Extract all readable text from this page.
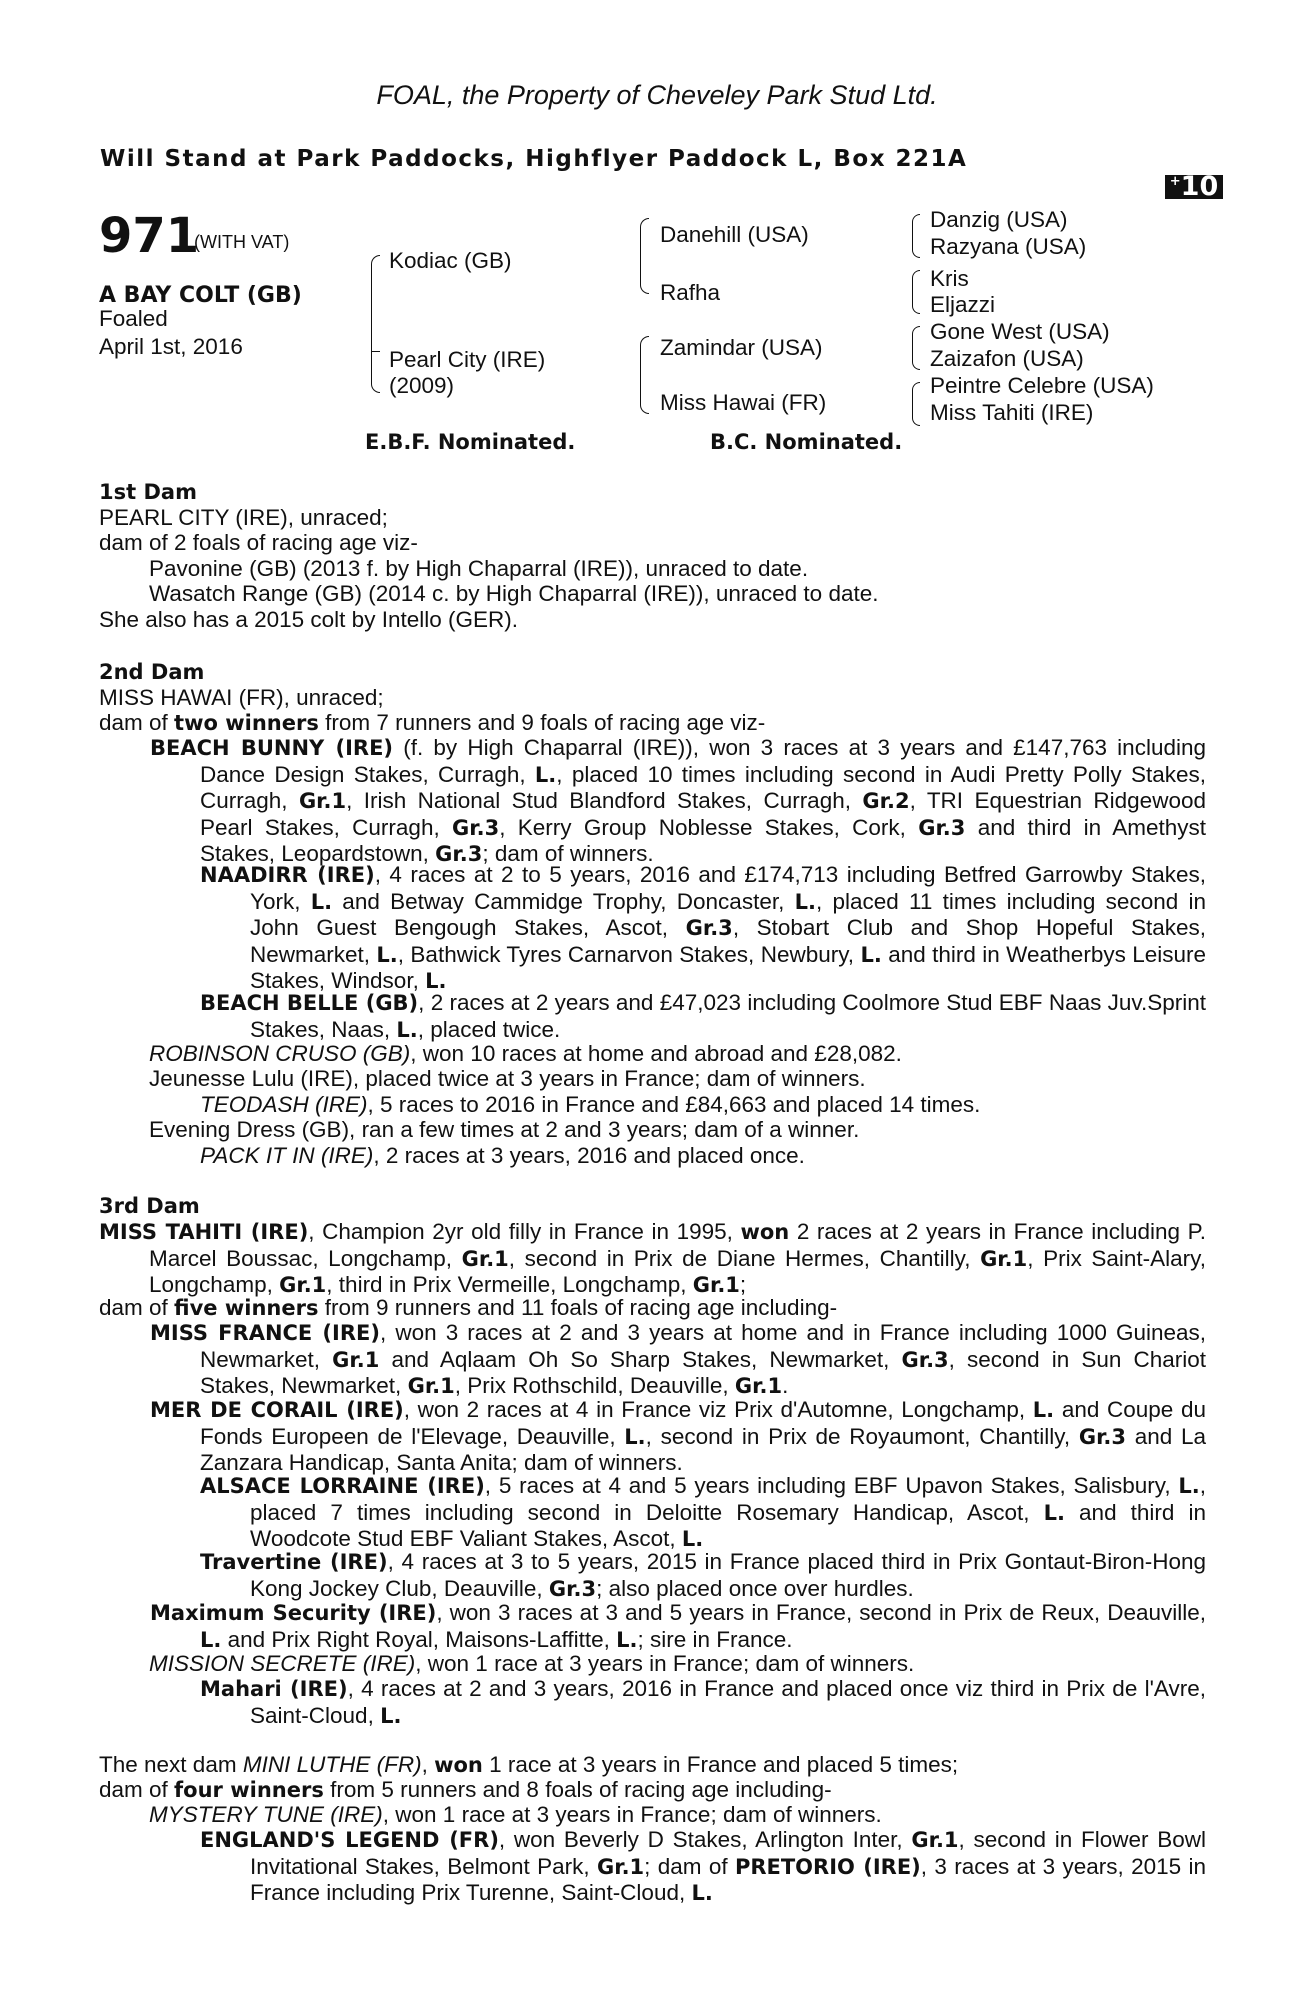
FOAL, the Property of Cheveley Park Stud Ltd.
Will Stand at Park Paddocks, Highflyer Paddock L, Box 221A
+10
971
(WITH VAT)
A BAY COLT (GB)
Foaled
April 1st, 2016
Kodiac (GB)
Pearl City (IRE)
(2009)
Danehill (USA)
Rafha
Zamindar (USA)
Miss Hawai (FR)
Danzig (USA)
Razyana (USA)
Kris
Eljazzi
Gone West (USA)
Zaizafon (USA)
Peintre Celebre (USA)
Miss Tahiti (IRE)
E.B.F. Nominated.	B.C. Nominated.
1st Dam
PEARL CITY (IRE), unraced;
dam of 2 foals of racing age viz-
Pavonine (GB) (2013 f. by High Chaparral (IRE)), unraced to date.
Wasatch Range (GB) (2014 c. by High Chaparral (IRE)), unraced to date.
She also has a 2015 colt by Intello (GER).
2nd Dam
MISS HAWAI (FR), unraced;
dam of two winners from 7 runners and 9 foals of racing age viz-
BEACH BUNNY (IRE) (f. by High Chaparral (IRE)), won 3 races at 3 years and £147,763 including Dance Design Stakes, Curragh, L., placed 10 times including second in Audi Pretty Polly Stakes, Curragh, Gr.1, Irish National Stud Blandford Stakes, Curragh, Gr.2, TRI Equestrian Ridgewood Pearl Stakes, Curragh, Gr.3, Kerry Group Noblesse Stakes, Cork, Gr.3 and third in Amethyst Stakes, Leopardstown, Gr.3; dam of winners.
NAADIRR (IRE), 4 races at 2 to 5 years, 2016 and £174,713 including Betfred Garrowby Stakes, York, L. and Betway Cammidge Trophy, Doncaster, L., placed 11 times including second in John Guest Bengough Stakes, Ascot, Gr.3, Stobart Club and Shop Hopeful Stakes, Newmarket, L., Bathwick Tyres Carnarvon Stakes, Newbury, L. and third in Weatherbys Leisure Stakes, Windsor, L.
BEACH BELLE (GB), 2 races at 2 years and £47,023 including Coolmore Stud EBF Naas Juv.Sprint Stakes, Naas, L., placed twice.
ROBINSON CRUSO (GB), won 10 races at home and abroad and £28,082.
Jeunesse Lulu (IRE), placed twice at 3 years in France; dam of winners.
TEODASH (IRE), 5 races to 2016 in France and £84,663 and placed 14 times.
Evening Dress (GB), ran a few times at 2 and 3 years; dam of a winner.
PACK IT IN (IRE), 2 races at 3 years, 2016 and placed once.
3rd Dam
MISS TAHITI (IRE), Champion 2yr old filly in France in 1995, won 2 races at 2 years in France including P. Marcel Boussac, Longchamp, Gr.1, second in Prix de Diane Hermes, Chantilly, Gr.1, Prix Saint-Alary, Longchamp, Gr.1, third in Prix Vermeille, Longchamp, Gr.1;
dam of five winners from 9 runners and 11 foals of racing age including-
MISS FRANCE (IRE), won 3 races at 2 and 3 years at home and in France including 1000 Guineas, Newmarket, Gr.1 and Aqlaam Oh So Sharp Stakes, Newmarket, Gr.3, second in Sun Chariot Stakes, Newmarket, Gr.1, Prix Rothschild, Deauville, Gr.1.
MER DE CORAIL (IRE), won 2 races at 4 in France viz Prix d'Automne, Longchamp, L. and Coupe du Fonds Europeen de l'Elevage, Deauville, L., second in Prix de Royaumont, Chantilly, Gr.3 and La Zanzara Handicap, Santa Anita; dam of winners.
ALSACE LORRAINE (IRE), 5 races at 4 and 5 years including EBF Upavon Stakes, Salisbury, L., placed 7 times including second in Deloitte Rosemary Handicap, Ascot, L. and third in Woodcote Stud EBF Valiant Stakes, Ascot, L.
Travertine (IRE), 4 races at 3 to 5 years, 2015 in France placed third in Prix Gontaut-Biron-Hong Kong Jockey Club, Deauville, Gr.3; also placed once over hurdles.
Maximum Security (IRE), won 3 races at 3 and 5 years in France, second in Prix de Reux, Deauville, L. and Prix Right Royal, Maisons-Laffitte, L.; sire in France.
MISSION SECRETE (IRE), won 1 race at 3 years in France; dam of winners.
Mahari (IRE), 4 races at 2 and 3 years, 2016 in France and placed once viz third in Prix de l'Avre, Saint-Cloud, L.
The next dam MINI LUTHE (FR), won 1 race at 3 years in France and placed 5 times;
dam of four winners from 5 runners and 8 foals of racing age including-
MYSTERY TUNE (IRE), won 1 race at 3 years in France; dam of winners.
ENGLAND'S LEGEND (FR), won Beverly D Stakes, Arlington Inter, Gr.1, second in Flower Bowl Invitational Stakes, Belmont Park, Gr.1; dam of PRETORIO (IRE), 3 races at 3 years, 2015 in France including Prix Turenne, Saint-Cloud, L.
